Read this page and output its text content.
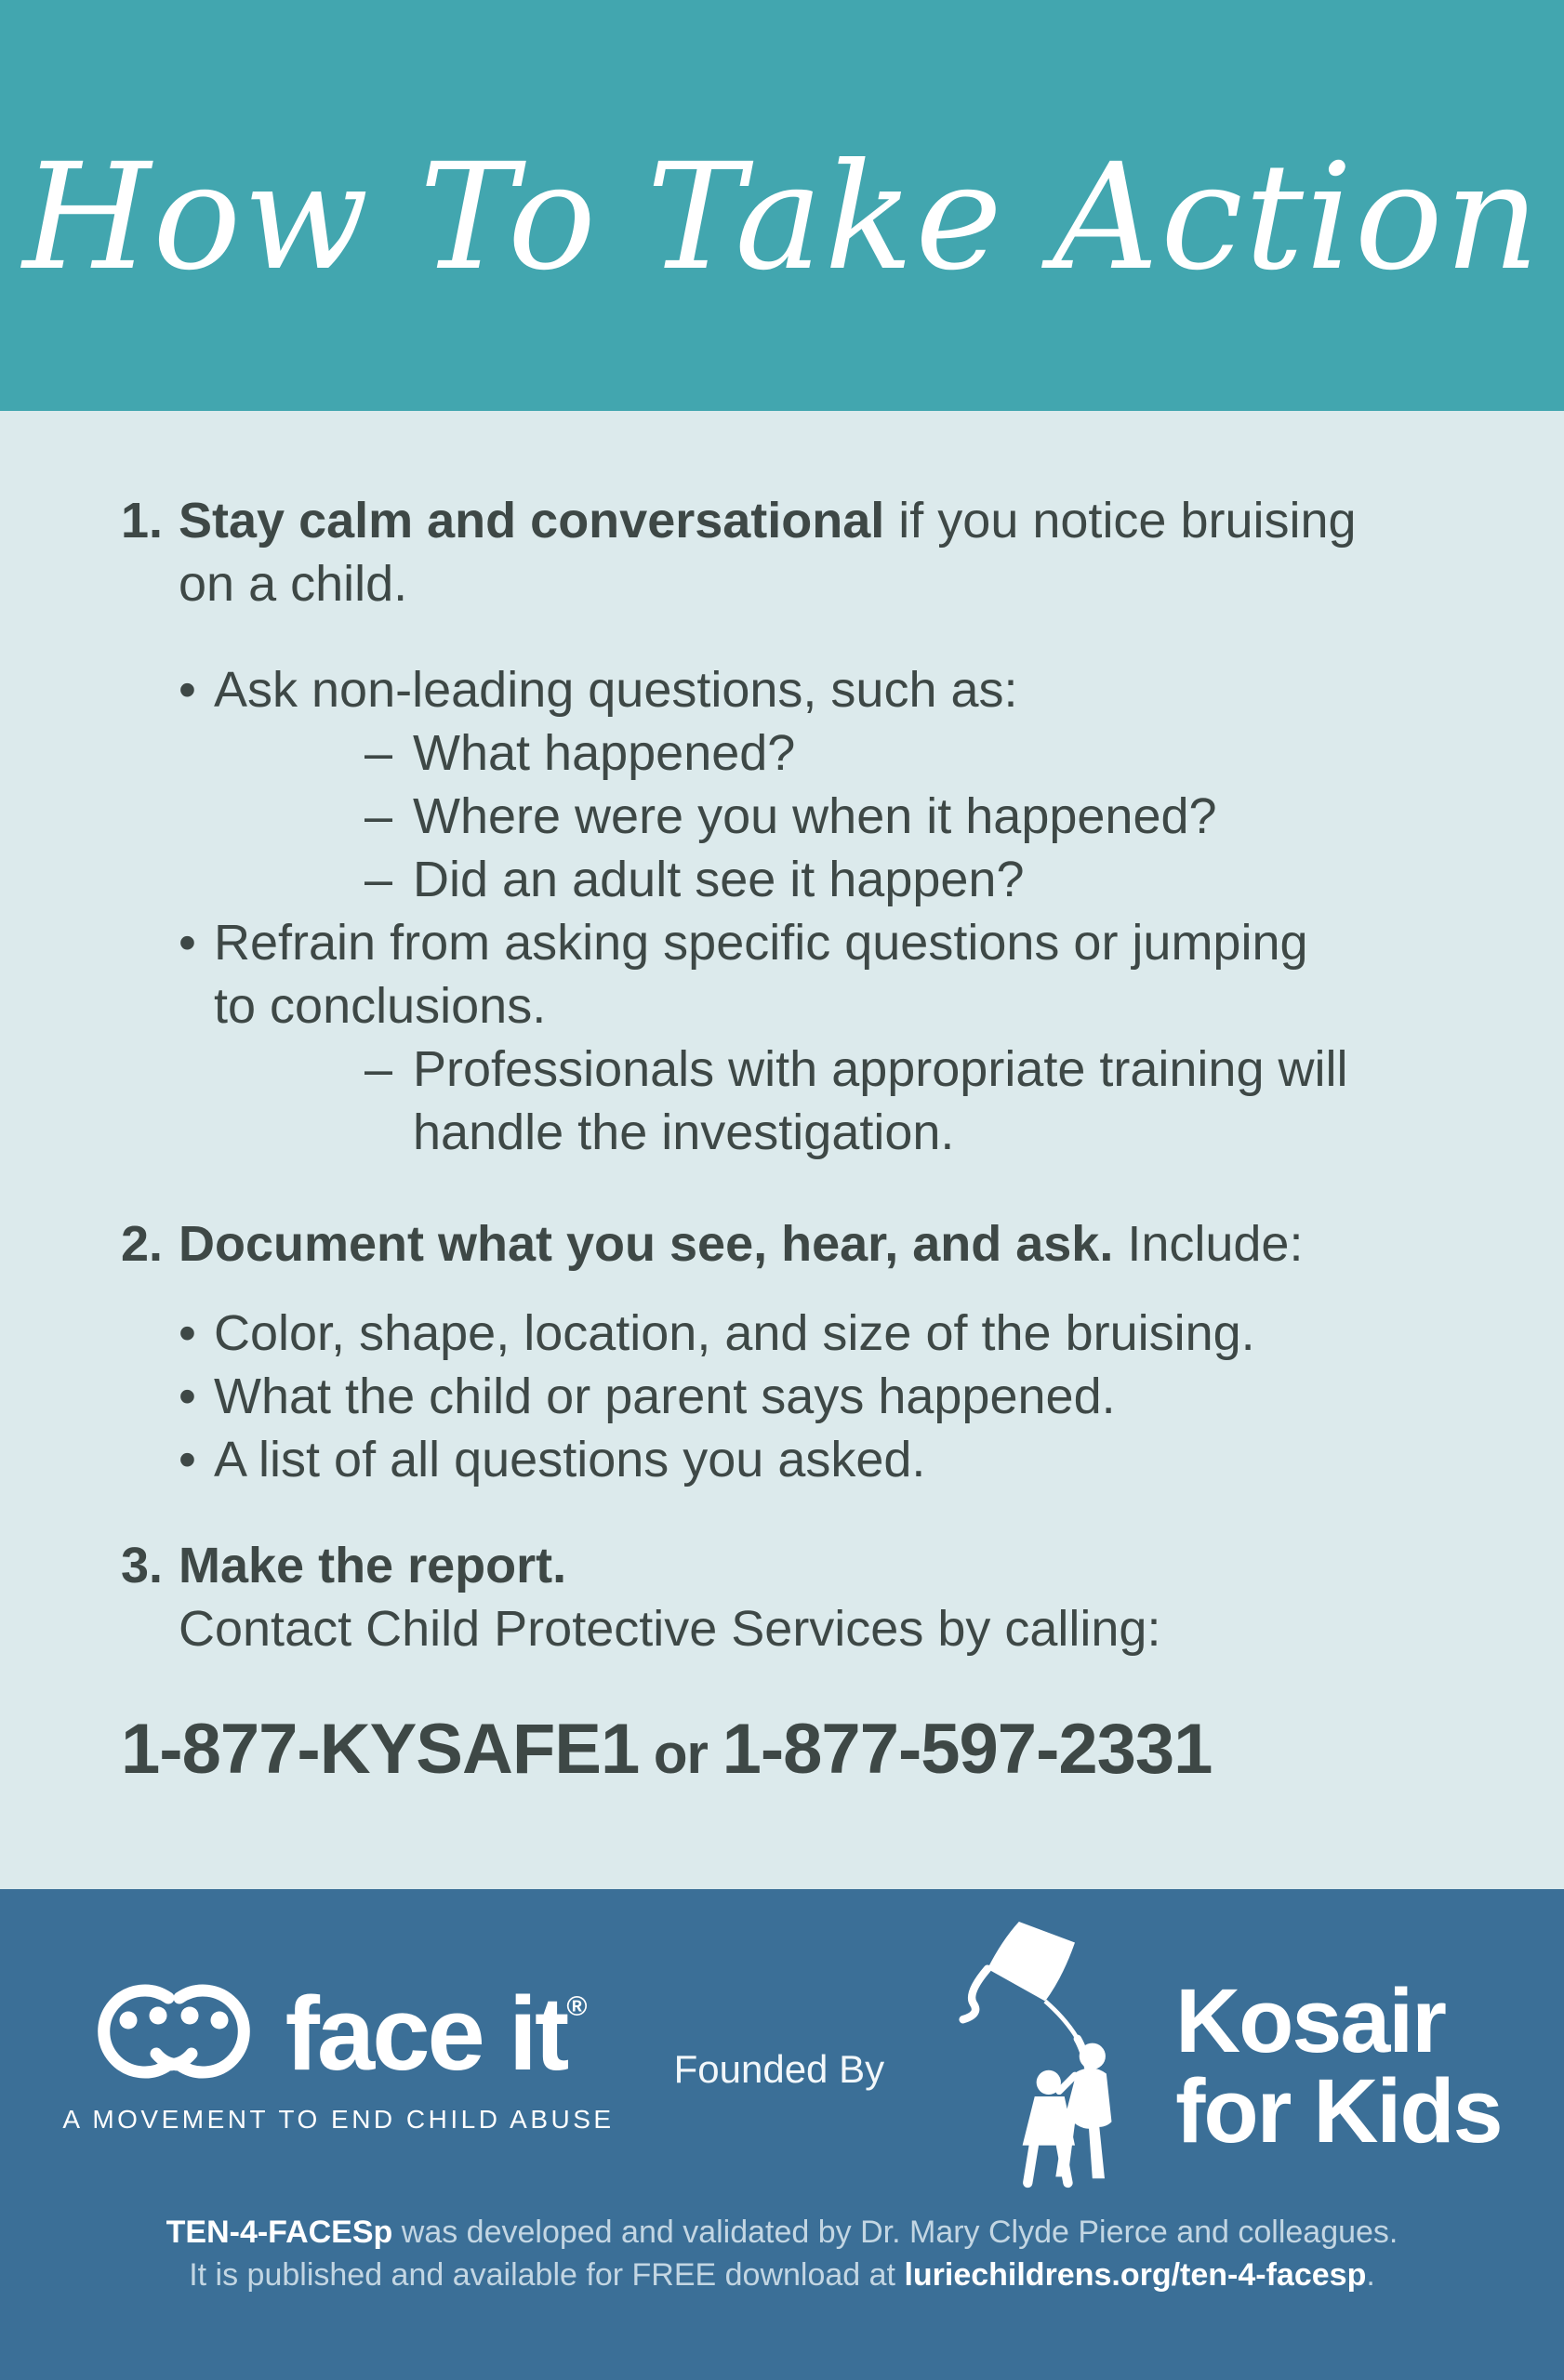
How To Take Action
1. Stay calm and conversational if you notice bruising
on a child.
• Ask non-leading questions, such as:
– What happened?
– Where were you when it happened?
– Did an adult see it happen?
• Refrain from asking specific questions or jumping
to conclusions.
– Professionals with appropriate training will
handle the investigation.
2. Document what you see, hear, and ask. Include:
• Color, shape, location, and size of the bruising.
• What the child or parent says happened.
• A list of all questions you asked.
3. Make the report.
Contact Child Protective Services by calling:
1-877-KYSAFE1 or 1-877-597-2331
face it®
A MOVEMENT TO END CHILD ABUSE
Founded By	Kosair
for Kids
TEN-4-FACESp was developed and validated by Dr. Mary Clyde Pierce and colleagues.
It is published and available for FREE download at luriechildrens.org/ten-4-facesp.
